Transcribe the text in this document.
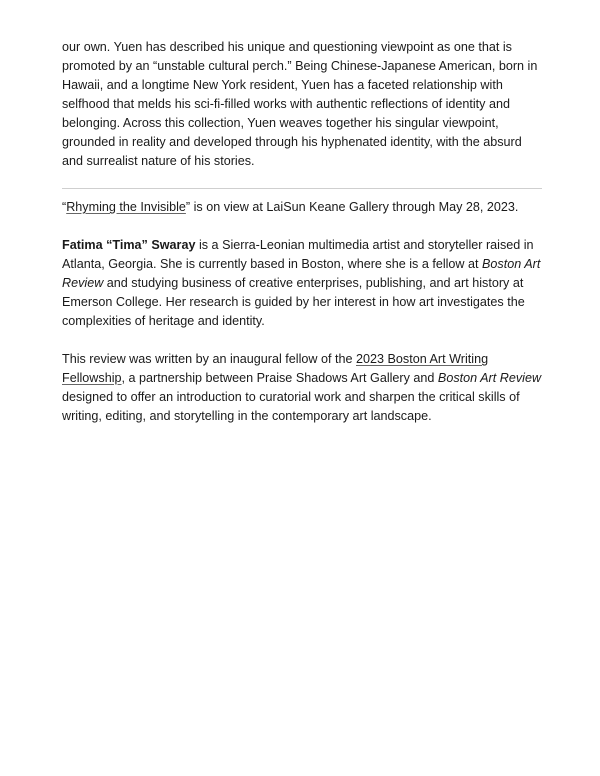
our own. Yuen has described his unique and questioning viewpoint as one that is promoted by an “unstable cultural perch.” Being Chinese-Japanese American, born in Hawaii, and a longtime New York resident, Yuen has a faceted relationship with selfhood that melds his sci-fi-filled works with authentic reflections of identity and belonging. Across this collection, Yuen weaves together his singular viewpoint, grounded in reality and developed through his hyphenated identity, with the absurd and surrealist nature of his stories.

“Rhyming the Invisible” is on view at LaiSun Keane Gallery through May 28, 2023.

Fatima “Tima” Swaray is a Sierra-Leonian multimedia artist and storyteller raised in Atlanta, Georgia. She is currently based in Boston, where she is a fellow at Boston Art Review and studying business of creative enterprises, publishing, and art history at Emerson College. Her research is guided by her interest in how art investigates the complexities of heritage and identity.

This review was written by an inaugural fellow of the 2023 Boston Art Writing Fellowship, a partnership between Praise Shadows Art Gallery and Boston Art Review designed to offer an introduction to curatorial work and sharpen the critical skills of writing, editing, and storytelling in the contemporary art landscape.
